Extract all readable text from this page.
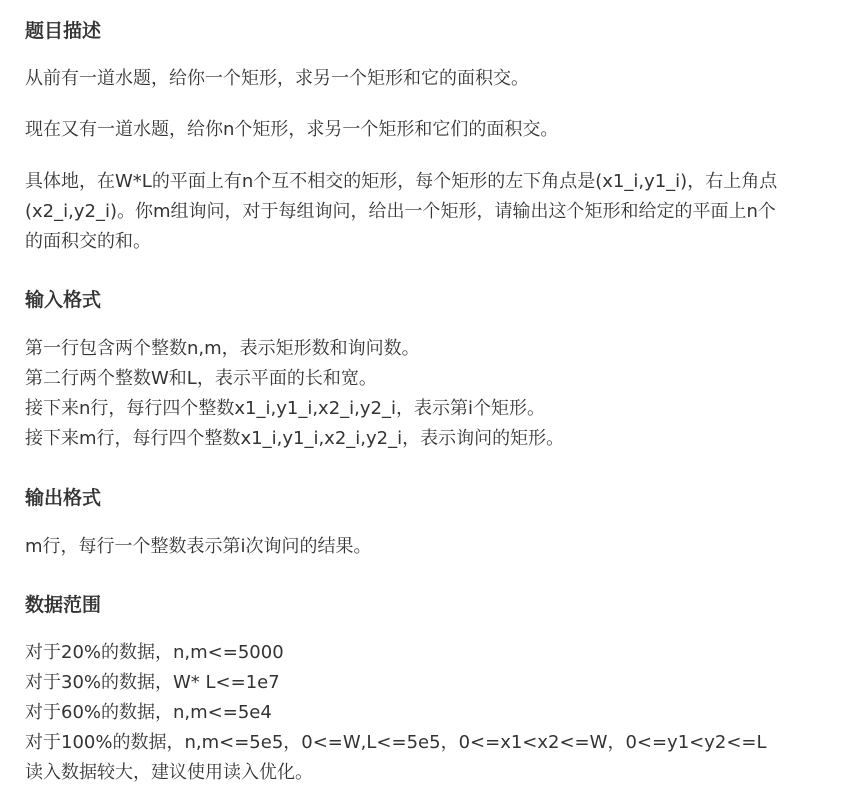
题目描述
从前有一道水题，给你一个矩形，求另一个矩形和它的面积交。
现在又有一道水题，给你n个矩形，求另一个矩形和它们的面积交。
具体地，在W*L的平面上有n个互不相交的矩形，每个矩形的左下角点是(x1_i,y1_i)，右上角点
(x2_i,y2_i)。你m组询问，对于每组询问，给出一个矩形，请输出这个矩形和给定的平面上n个
的面积交的和。
输入格式
第一行包含两个整数n,m，表示矩形数和询问数。
第二行两个整数W和L，表示平面的长和宽。
接下来n行，每行四个整数x1_i,y1_i,x2_i,y2_i，表示第i个矩形。
接下来m行，每行四个整数x1_i,y1_i,x2_i,y2_i，表示询问的矩形。
输出格式
m行，每行一个整数表示第i次询问的结果。
数据范围
对于20%的数据，n,m<=5000
对于30%的数据，W* L<=1e7
对于60%的数据，n,m<=5e4
对于100%的数据，n,m<=5e5，0<=W,L<=5e5，0<=x1<x2<=W，0<=y1<y2<=L
读入数据较大，建议使用读入优化。
